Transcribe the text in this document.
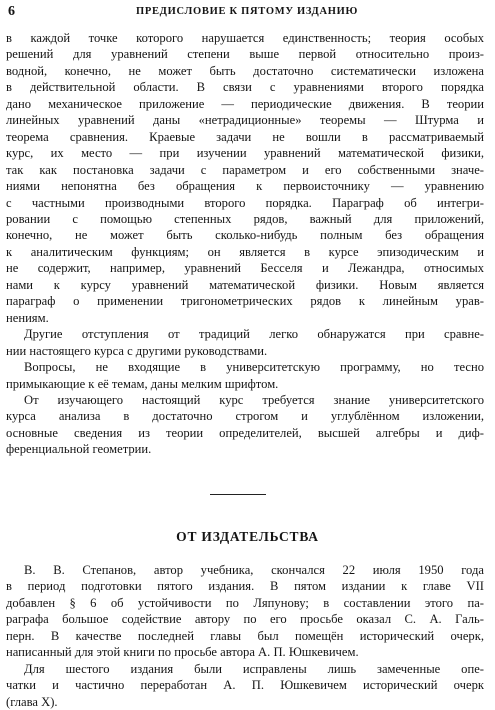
6	ПРЕДИСЛОВИЕ К ПЯТОМУ ИЗДАНИЮ
в каждой точке которого нарушается единственность; теория особых
решений для уравнений степени выше первой относительно произ-
водной, конечно, не может быть достаточно систематически изложена
в действительной области. В связи с уравнениями второго порядка
дано механическое приложение — периодические движения. В теории
линейных уравнений даны «нетрадиционные» теоремы — Штурма и
теорема сравнения. Краевые задачи не вошли в рассматриваемый
курс, их место — при изучении уравнений математической физики,
так как постановка задачи с параметром и его собственными значе-
ниями непонятна без обращения к первоисточнику — уравнению
с частными производными второго порядка. Параграф об интегри-
ровании с помощью степенных рядов, важный для приложений,
конечно, не может быть сколько-нибудь полным без обращения
к аналитическим функциям; он является в курсе эпизодическим и
не содержит, например, уравнений Бесселя и Лежандра, относимых
нами к курсу уравнений математической физики. Новым является
параграф о применении тригонометрических рядов к линейным урав-
нениям.
Другие отступления от традиций легко обнаружатся при сравне-
нии настоящего курса с другими руководствами.
Вопросы, не входящие в университетскую программу, но тесно
примыкающие к её темам, даны мелким шрифтом.
От изучающего настоящий курс требуется знание университетского
курса анализа в достаточно строгом и углублённом изложении,
основные сведения из теории определителей, высшей алгебры и диф-
ференциальной геометрии.
ОТ ИЗДАТЕЛЬСТВА
В. В. Степанов, автор учебника, скончался 22 июля 1950 года
в период подготовки пятого издания. В пятом издании к главе VII
добавлен § 6 об устойчивости по Ляпунову; в составлении этого па-
раграфа большое содействие автору по его просьбе оказал С. А. Галь-
перн. В качестве последней главы был помещён исторический очерк,
написанный для этой книги по просьбе автора А. П. Юшкевичем.
Для шестого издания были исправлены лишь замеченные опе-
чатки и частично переработан А. П. Юшкевичем исторический очерк
(глава X).
